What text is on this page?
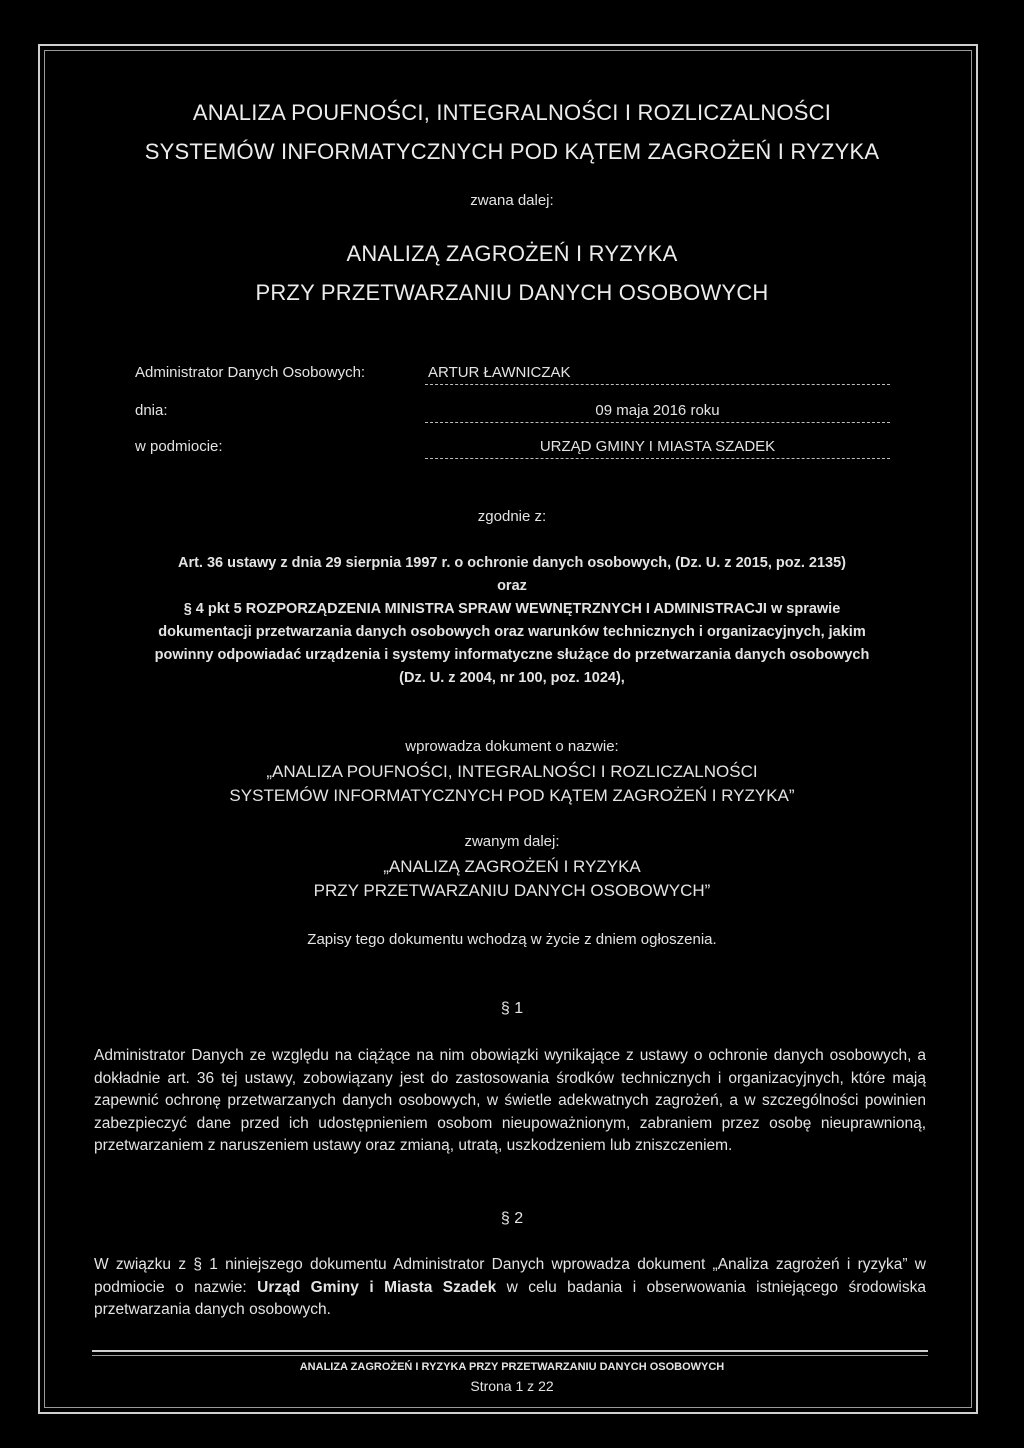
ANALIZA POUFNOŚCI, INTEGRALNOŚCI I ROZLICZALNOŚCI
SYSTEMÓW INFORMATYCZNYCH POD KĄTEM ZAGROŻEŃ I RYZYKA
zwana dalej:
ANALIZĄ ZAGROŻEŃ I RYZYKA
PRZY PRZETWARZANIU DANYCH OSOBOWYCH
Administrator Danych Osobowych:	ARTUR ŁAWNICZAK
dnia:	09 maja 2016 roku
w podmiocie:	URZĄD GMINY I MIASTA SZADEK
zgodnie z:
Art. 36 ustawy z dnia 29 sierpnia 1997 r. o ochronie danych osobowych, (Dz. U. z 2015, poz. 2135)
oraz
§ 4 pkt 5 ROZPORZĄDZENIA MINISTRA SPRAW WEWNĘTRZNYCH I ADMINISTRACJI w sprawie
dokumentacji przetwarzania danych osobowych oraz warunków technicznych i organizacyjnych, jakim
powinny odpowiadać urządzenia i systemy informatyczne służące do przetwarzania danych osobowych
(Dz. U. z 2004, nr 100, poz. 1024),
wprowadza dokument o nazwie:
„ANALIZA POUFNOŚCI, INTEGRALNOŚCI I ROZLICZALNOŚCI
SYSTEMÓW INFORMATYCZNYCH POD KĄTEM ZAGROŻEŃ I RYZYKA”
zwanym dalej:
„ANALIZĄ ZAGROŻEŃ I RYZYKA
PRZY PRZETWARZANIU DANYCH OSOBOWYCH”
Zapisy tego dokumentu wchodzą w życie z dniem ogłoszenia.
§ 1
Administrator Danych ze względu na ciążące na nim obowiązki wynikające z ustawy o ochronie danych osobowych, a dokładnie art. 36 tej ustawy, zobowiązany jest do zastosowania środków technicznych i organizacyjnych, które mają zapewnić ochronę przetwarzanych danych osobowych, w świetle adekwatnych zagrożeń, a w szczególności powinien zabezpieczyć dane przed ich udostępnieniem osobom nieupoważnionym, zabraniem przez osobę nieuprawnioną, przetwarzaniem z naruszeniem ustawy oraz zmianą, utratą, uszkodzeniem lub zniszczeniem.
§ 2
W związku z § 1 niniejszego dokumentu Administrator Danych wprowadza dokument „Analiza zagrożeń i ryzyka” w podmiocie o nazwie: Urząd Gminy i Miasta Szadek w celu badania i obserwowania istniejącego środowiska przetwarzania danych osobowych.
ANALIZA ZAGROŻEŃ I RYZYKA PRZY PRZETWARZANIU DANYCH OSOBOWYCH
Strona 1 z 22
